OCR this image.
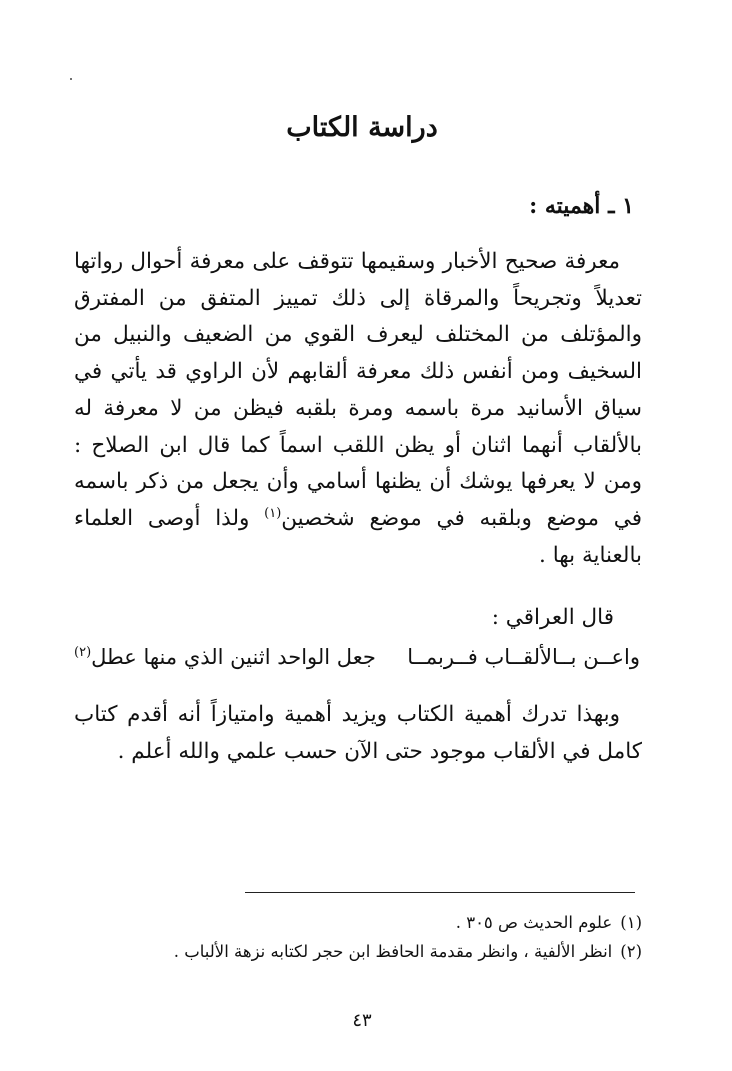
دراسة الكتاب
١ ـ أهميته :

معرفة صحيح الأخبار وسقيمها تتوقف على معرفة أحوال رواتها تعديلاً وتجريحاً والمرقاة إلى ذلك تمييز المتفق من المفترق والمؤتلف من المختلف ليعرف القوي من الضعيف والنبيل من السخيف ومن أنفس ذلك معرفة ألقابهم لأن الراوي قد يأتي في سياق الأسانيد مرة باسمه ومرة بلقبه فيظن من لا معرفة له بالألقاب أنهما اثنان أو يظن اللقب اسماً كما قال ابن الصلاح : ومن لا يعرفها يوشك أن يظنها أسامي وأن يجعل من ذكر باسمه في موضع وبلقبه في موضع شخصين$^{(١)}$ ولذا أوصى العلماء بالعناية بها .

قال العراقي :

واعــن بــالألقــاب فــربمــا
جعل الواحد اثنين الذي منها عطل$^{(٢)}$

وبهذا تدرك أهمية الكتاب ويزيد أهمية وامتيازاً أنه أقدم كتاب كامل في الألقاب موجود حتى الآن حسب علمي والله أعلم .

(١)علوم الحديث ص ٣٠٥ .
(٢)انظر الألفية ، وانظر مقدمة الحافظ ابن حجر لكتابه نزهة الألباب .

٤٣
